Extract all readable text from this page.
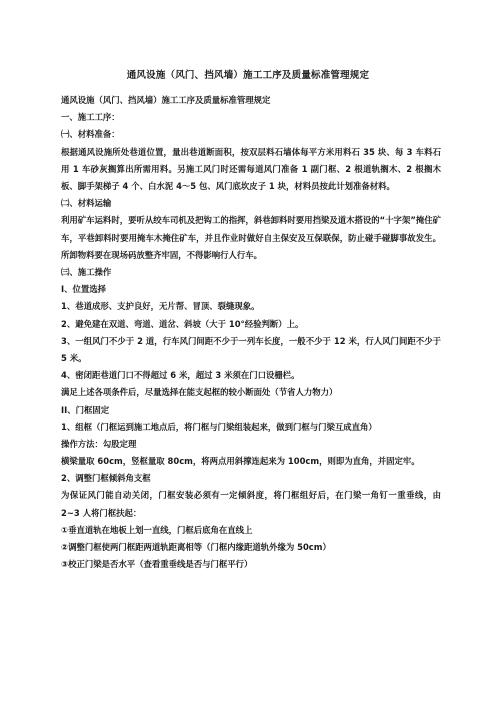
通风设施（风门、挡风墙）施工工序及质量标准管理规定
通风设施（风门、挡风墙）施工工序及质量标准管理规定
一、施工工序：
㈠、材料准备：
根据通风设施所处巷道位置，量出巷道断面积，按双层料石墙体每平方米用料石 35 块、每 3 车料石用 1 车砂灰搁算出所需用料。另施工风门时还需每道风门准备 1 副门框、2 根道轨搁木、2 根搁木板、脚手架梯子 4 个、白水泥 4～5 包、风门底坎皮子 1 块，材料员按此计划准备材料。
㈡、材料运输
利用矿车运料时，要听从绞车司机及把钩工的指挥，斜巷卸料时要用挡梁及道木搭设的“十字架”掩住矿车，平巷卸料时要用掩车木掩住矿车，并且作业时做好自主保安及互保联保，防止碰手碰脚事故发生。所卸物料要在现场码放整齐牢固，不得影响行人行车。
㈢、施工操作
I、位置选择
1、巷道成形、支护良好，无片帮、冒顶、裂缝现象。
2、避免建在双道、弯道、道岔、斜坡（大于 10°经验判断）上。
3、一组风门不少于 2 道，行车风门间距不少于一列车长度，一般不少于 12 米，行人风门间距不少于 5 米。
4、密闭距巷道门口不得超过 6 米，超过 3 米须在门口设栅栏。
满足上述各项条件后，尽量选择在能支起框的较小断面处（节省人力物力）
II、门框固定
1、组框（门框运到施工地点后，将门框与门梁组装起来，做到门框与门梁互成直角）
操作方法：勾股定理
横梁量取 60cm，竖框量取 80cm，将两点用斜撑连起来为 100cm，则即为直角，并固定牢。
2、调整门框倾斜角支框
为保证风门能自动关闭，门框安装必须有一定倾斜度，将门框组好后，在门梁一角钉一重垂线，由 2~3 人将门框扶起：
①垂直道轨在地板上划一直线，门框后底角在直线上
②调整门框使两门框距两道轨距离相等（门框内缘距道轨外缘为 50cm）
③校正门梁是否水平（查看重垂线是否与门框平行）
